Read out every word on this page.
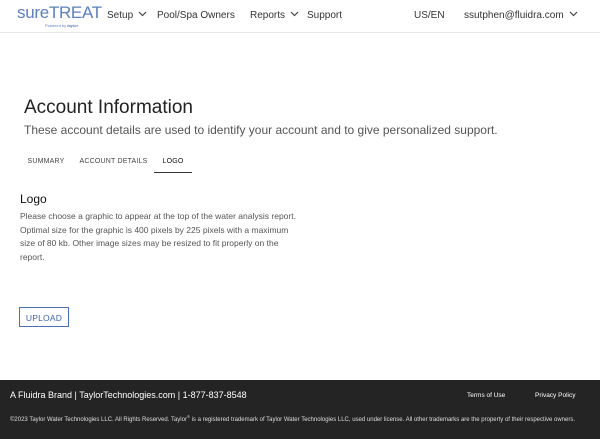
sureTREAT
Powered by taylor
Setup	Pool/Spa Owners Reports	Support	US/EN ssutphen@fluidra.com
Account Information
These account details are used to identify your account and to give personalized support.
SUMMARY	ACCOUNT DETAILS	LOGO
Logo
Please choose a graphic to appear at the top of the water analysis report. Optimal size for the graphic is 400 pixels by 225 pixels with a maximum size of 80 kb. Other image sizes may be resized to fit properly on the report.
UPLOAD
A Fluidra Brand | TaylorTechnologies.com | 1-877-837-8548	Terms of Use	Privacy Policy
©2023 Taylor Water Technologies LLC. All Rights Reserved. Taylor® is a registered trademark of Taylor Water Technologies LLC, used under license. All other trademarks are the property of their respective owners.
